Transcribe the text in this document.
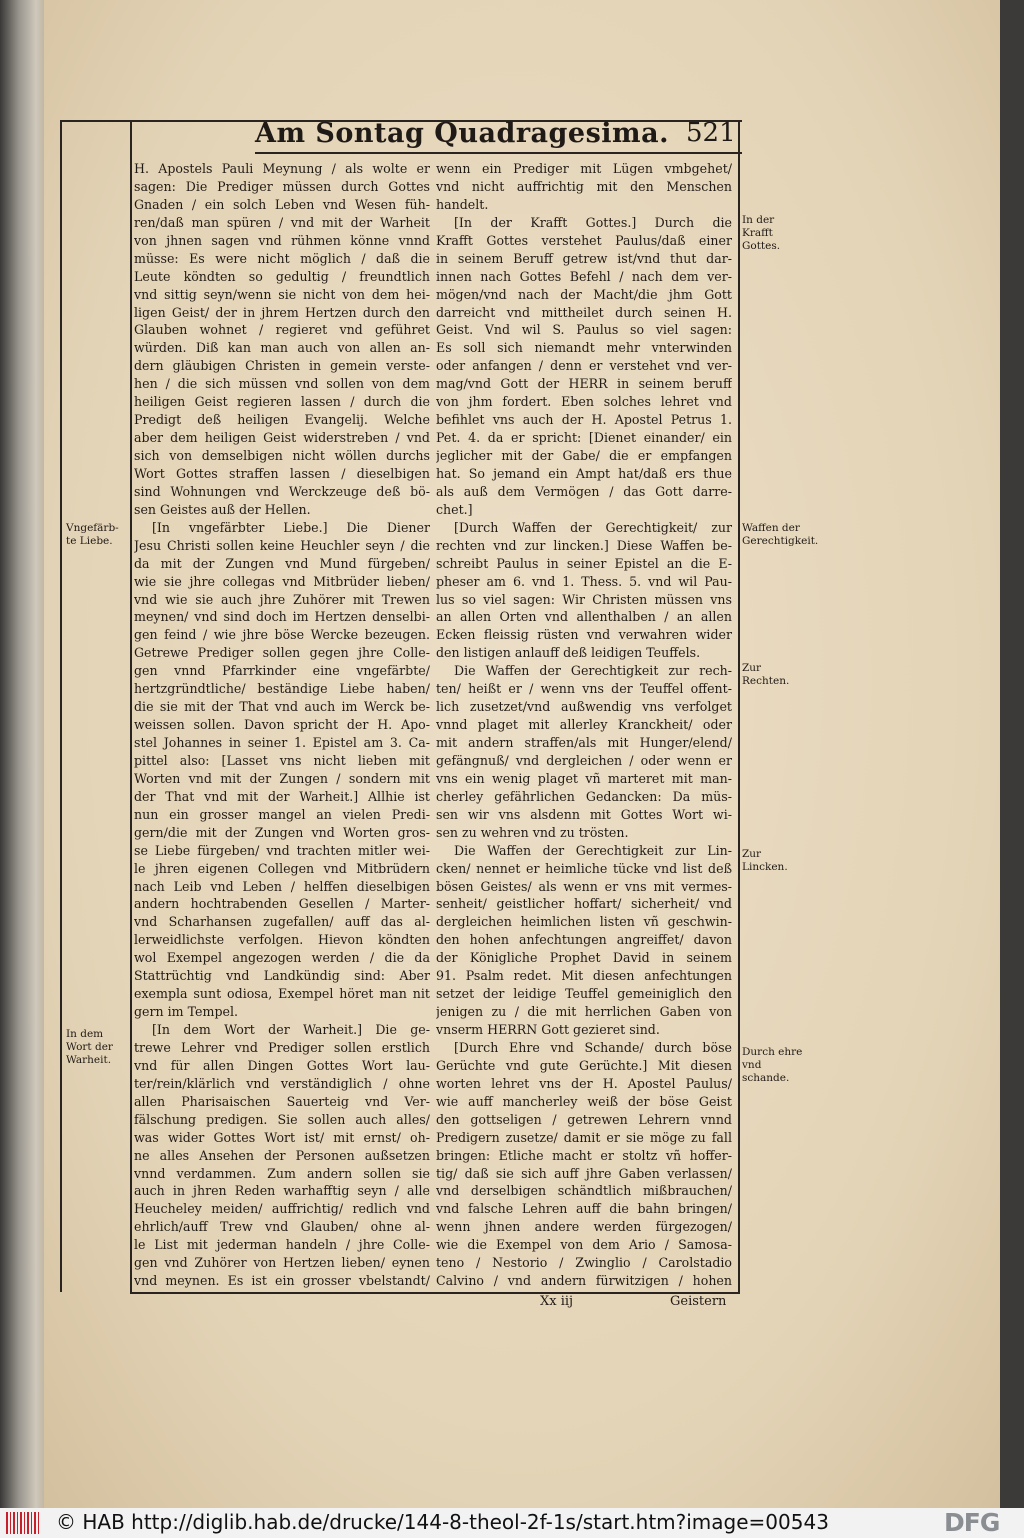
Am Sontag Quadragesima. 521
H. Apostels Pauli Meynung / als wolte er
sagen: Die Prediger müssen durch Gottes
Gnaden / ein solch Leben vnd Wesen füh-
ren/daß man spüren / vnd mit der Warheit
von jhnen sagen vnd rühmen könne vnnd
müsse: Es were nicht möglich / daß die
Leute köndten so gedultig / freundtlich
vnd sittig seyn/wenn sie nicht von dem hei-
ligen Geist/ der in jhrem Hertzen durch den
Glauben wohnet / regieret vnd geführet
würden. Diß kan man auch von allen an-
dern gläubigen Christen in gemein verste-
hen / die sich müssen vnd sollen von dem
heiligen Geist regieren lassen / durch die
Predigt deß heiligen Evangelij. Welche
aber dem heiligen Geist widerstreben / vnd
sich von demselbigen nicht wöllen durchs
Wort Gottes straffen lassen / dieselbigen
sind Wohnungen vnd Werckzeuge deß bö-
sen Geistes auß der Hellen.
[In vngefärbter Liebe.] Die Diener
Jesu Christi sollen keine Heuchler seyn / die
da mit der Zungen vnd Mund fürgeben/
wie sie jhre collegas vnd Mitbrüder lieben/
vnd wie sie auch jhre Zuhörer mit Trewen
meynen/ vnd sind doch im Hertzen denselbi-
gen feind / wie jhre böse Wercke bezeugen.
Getrewe Prediger sollen gegen jhre Colle-
gen vnnd Pfarrkinder eine vngefärbte/
hertzgründtliche/ beständige Liebe haben/
die sie mit der That vnd auch im Werck be-
weissen sollen. Davon spricht der H. Apo-
stel Johannes in seiner 1. Epistel am 3. Ca-
pittel also: [Lasset vns nicht lieben mit
Worten vnd mit der Zungen / sondern mit
der That vnd mit der Warheit.] Allhie ist
nun ein grosser mangel an vielen Predi-
gern/die mit der Zungen vnd Worten gros-
se Liebe fürgeben/ vnd trachten mitler wei-
le jhren eigenen Collegen vnd Mitbrüdern
nach Leib vnd Leben / helffen dieselbigen
andern hochtrabenden Gesellen / Marter-
vnd Scharhansen zugefallen/ auff das al-
lerweidlichste verfolgen. Hievon köndten
wol Exempel angezogen werden / die da
Stattrüchtig vnd Landkündig sind: Aber
exempla sunt odiosa, Exempel höret man nit
gern im Tempel.
[In dem Wort der Warheit.] Die ge-
trewe Lehrer vnd Prediger sollen erstlich
vnd für allen Dingen Gottes Wort lau-
ter/rein/klärlich vnd verständiglich / ohne
allen Pharisaischen Sauerteig vnd Ver-
fälschung predigen. Sie sollen auch alles/
was wider Gottes Wort ist/ mit ernst/ oh-
ne alles Ansehen der Personen außsetzen
vnnd verdammen. Zum andern sollen sie
auch in jhren Reden warhafftig seyn / alle
Heucheley meiden/ auffrichtig/ redlich vnd
ehrlich/auff Trew vnd Glauben/ ohne al-
le List mit jederman handeln / jhre Colle-
gen vnd Zuhörer von Hertzen lieben/ eynen
vnd meynen. Es ist ein grosser vbelstandt/
wenn ein Prediger mit Lügen vmbgehet/
vnd nicht auffrichtig mit den Menschen
handelt.
[In der Krafft Gottes.] Durch die
Krafft Gottes verstehet Paulus/daß einer
in seinem Beruff getrew ist/vnd thut dar-
innen nach Gottes Befehl / nach dem ver-
mögen/vnd nach der Macht/die jhm Gott
darreicht vnd mittheilet durch seinen H.
Geist. Vnd wil S. Paulus so viel sagen:
Es soll sich niemandt mehr vnterwinden
oder anfangen / denn er verstehet vnd ver-
mag/vnd Gott der HERR in seinem beruff
von jhm fordert. Eben solches lehret vnd
befihlet vns auch der H. Apostel Petrus 1.
Pet. 4. da er spricht: [Dienet einander/ ein
jeglicher mit der Gabe/ die er empfangen
hat. So jemand ein Ampt hat/daß ers thue
als auß dem Vermögen / das Gott darre-
chet.]
[Durch Waffen der Gerechtigkeit/ zur
rechten vnd zur lincken.] Diese Waffen be-
schreibt Paulus in seiner Epistel an die E-
pheser am 6. vnd 1. Thess. 5. vnd wil Pau-
lus so viel sagen: Wir Christen müssen vns
an allen Orten vnd allenthalben / an allen
Ecken fleissig rüsten vnd verwahren wider
den listigen anlauff deß leidigen Teuffels.
Die Waffen der Gerechtigkeit zur rech-
ten/ heißt er / wenn vns der Teuffel offent-
lich zusetzet/vnd außwendig vns verfolget
vnnd plaget mit allerley Kranckheit/ oder
mit andern straffen/als mit Hunger/elend/
gefängnuß/ vnd dergleichen / oder wenn er
vns ein wenig plaget vñ marteret mit man-
cherley gefährlichen Gedancken: Da müs-
sen wir vns alsdenn mit Gottes Wort wi-
sen zu wehren vnd zu trösten.
Die Waffen der Gerechtigkeit zur Lin-
cken/ nennet er heimliche tücke vnd list deß
bösen Geistes/ als wenn er vns mit vermes-
senheit/ geistlicher hoffart/ sicherheit/ vnd
dergleichen heimlichen listen vñ geschwin-
den hohen anfechtungen angreiffet/ davon
der Königliche Prophet David in seinem
91. Psalm redet. Mit diesen anfechtungen
setzet der leidige Teuffel gemeiniglich den
jenigen zu / die mit herrlichen Gaben von
vnserm HERRN Gott gezieret sind.
[Durch Ehre vnd Schande/ durch böse
Gerüchte vnd gute Gerüchte.] Mit diesen
worten lehret vns der H. Apostel Paulus/
wie auff mancherley weiß der böse Geist
den gottseligen / getrewen Lehrern vnnd
Predigern zusetze/ damit er sie möge zu fall
bringen: Etliche macht er stoltz vñ hoffer-
tig/ daß sie sich auff jhre Gaben verlassen/
vnd derselbigen schändtlich mißbrauchen/
vnd falsche Lehren auff die bahn bringen/
wenn jhnen andere werden fürgezogen/
wie die Exempel von dem Ario / Samosa-
teno / Nestorio / Zwinglio / Carolstadio
Calvino / vnd andern fürwitzigen / hohen
Vngefärb- te Liebe.
In dem Wort der Warheit.
In der Krafft Gottes.
Waffen der Gerechtigkeit.
Zur Rechten.
Zur Lincken.
Durch ehre vnd schande.
Xx iij	Geistern
© HAB http://diglib.hab.de/drucke/144-8-theol-2f-1s/start.htm?image=00543	DFG
